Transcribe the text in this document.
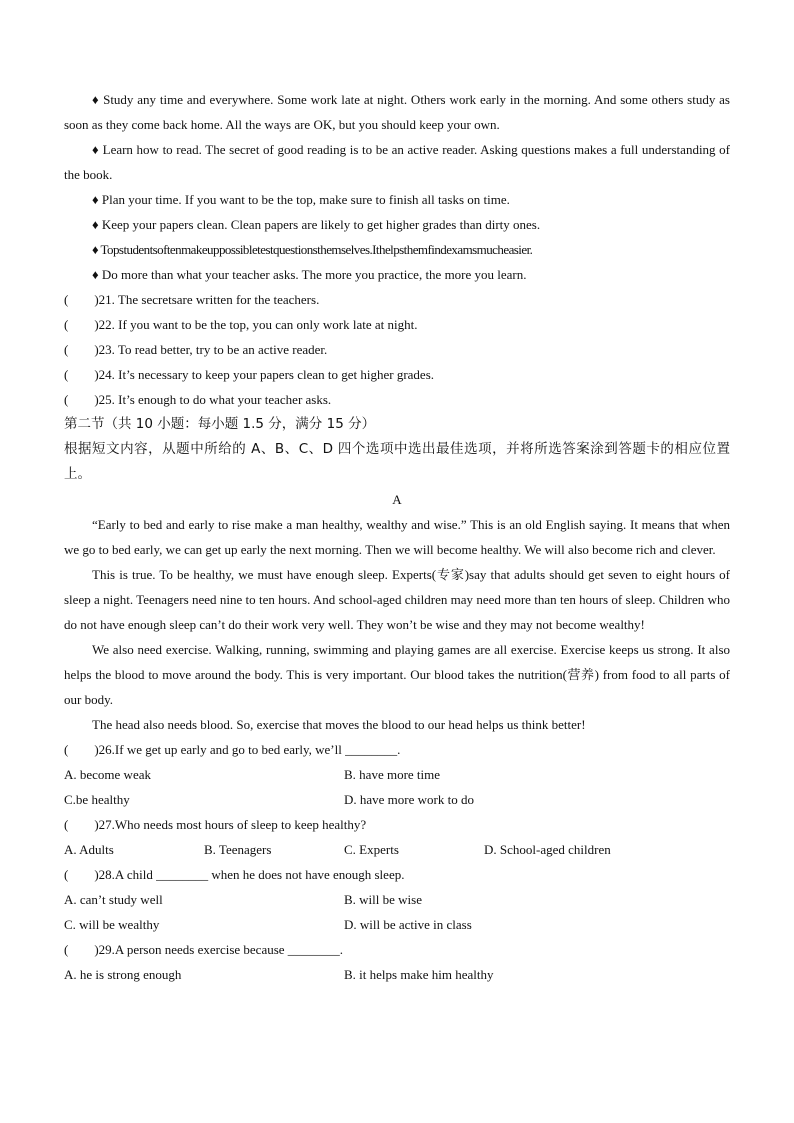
♦ Study any time and everywhere. Some work late at night. Others work early in the morning. And some others study as soon as they come back home. All the ways are OK, but you should keep your own.

♦ Learn how to read. The secret of good reading is to be an active reader. Asking questions makes a full understanding of the book.

♦ Plan your time. If you want to be the top, make sure to finish all tasks on time.

♦ Keep your papers clean. Clean papers are likely to get higher grades than dirty ones.

♦ Topstudentsoftenmakeuppossibletestquestionsthemselves.Ithelpsthemfindexamsmucheasier.

♦ Do more than what your teacher asks. The more you practice, the more you learn.

(　　)21. The secretsare written for the teachers.

(　　)22. If you want to be the top, you can only work late at night.

(　　)23. To read better, try to be an active reader.

(　　)24. It’s necessary to keep your papers clean to get higher grades.

(　　)25. It’s enough to do what your teacher asks.

第二节（共 10 小题：每小题 1.5 分，满分 15 分）

根据短文内容，从题中所给的 A、B、C、D 四个选项中选出最佳选项，并将所选答案涂到答题卡的相应位置上。

A

“Early to bed and early to rise make a man healthy, wealthy and wise.” This is an old English saying. It means that when we go to bed early, we can get up early the next morning. Then we will become healthy. We will also become rich and clever.

This is true. To be healthy, we must have enough sleep. Experts(专家)say that adults should get seven to eight hours of sleep a night. Teenagers need nine to ten hours. And school-aged children may need more than ten hours of sleep. Children who do not have enough sleep can’t do their work very well. They won’t be wise and they may not become wealthy!

We also need exercise. Walking, running, swimming and playing games are all exercise. Exercise keeps us strong. It also helps the blood to move around the body. This is very important. Our blood takes the nutrition(营养) from food to all parts of our body.

The head also needs blood. So, exercise that moves the blood to our head helps us think better!

(　　)26.If we get up early and go to bed early, we’ll ________.

A. become weak	B. have more time
C.be healthy	D. have more work to do

(　　)27.Who needs most hours of sleep to keep healthy?

A. Adults	B. Teenagers	C. Experts	D. School-aged children

(　　)28.A child ________ when he does not have enough sleep.

A. can’t study well	B. will be wise
C. will be wealthy	D. will be active in class

(　　)29.A person needs exercise because ________.

A. he is strong enough	B. it helps make him healthy
